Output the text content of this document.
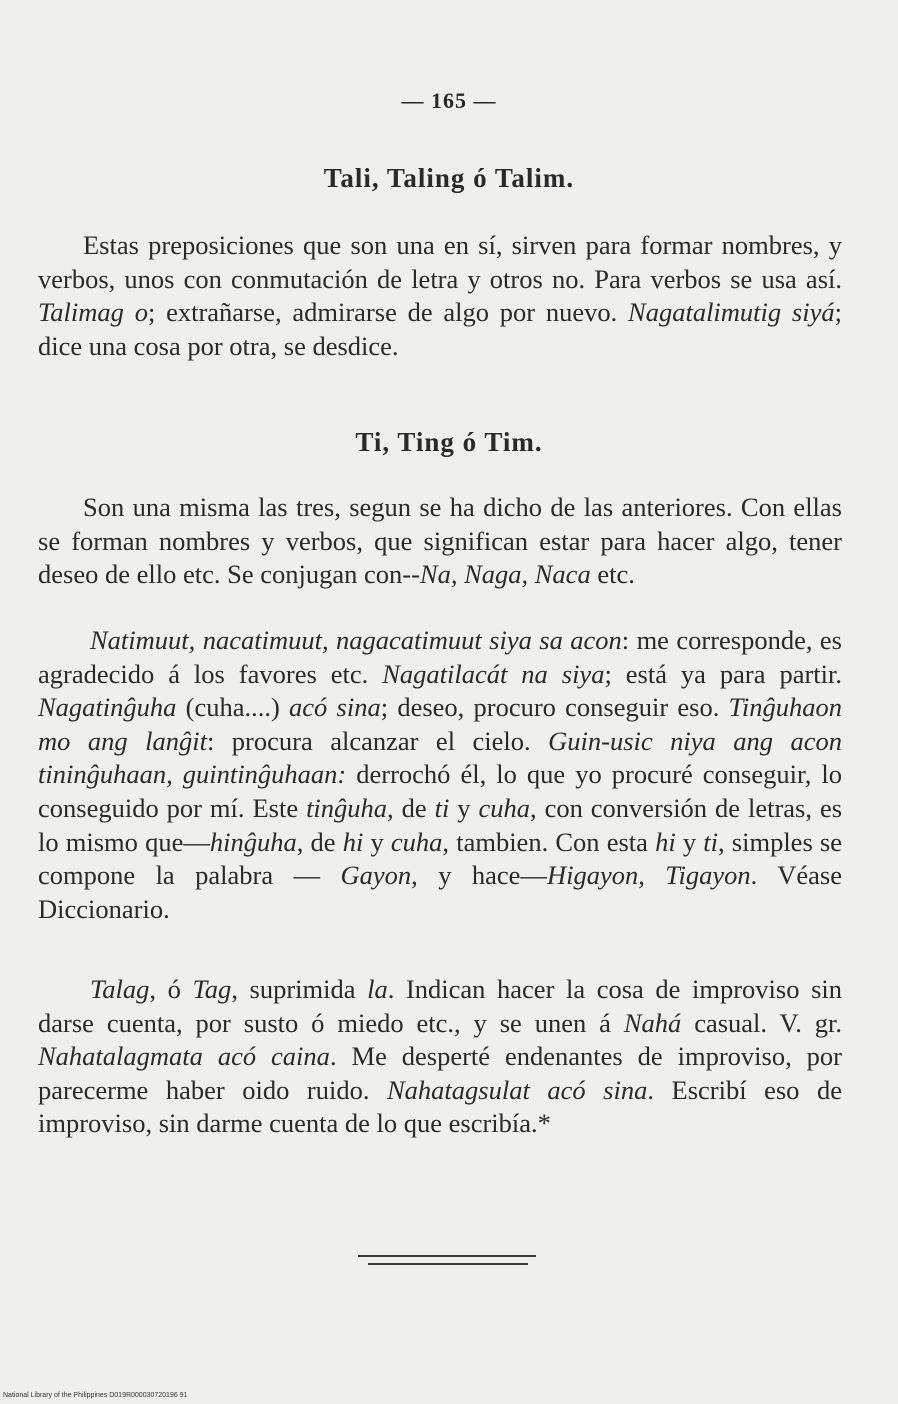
— 165 —
Tali, Taling ó Talim.

Estas preposiciones que son una en sí, sirven para formar nombres, y verbos, unos con conmutación de letra y otros no. Para verbos se usa así. Talimag o; extrañarse, admirarse de algo por nuevo. Nagatalimutig siyá; dice una cosa por otra, se desdice.

Ti, Ting ó Tim.

Son una misma las tres, segun se ha dicho de las anteriores. Con ellas se forman nombres y verbos, que significan estar para hacer algo, tener deseo de ello etc. Se conjugan con--Na, Naga, Naca etc.

Natimuut, nacatimuut, nagacatimuut siya sa acon: me corresponde, es agradecido á los favores etc. Nagatilacát na siya; está ya para partir. Nagatinĝuha (cuha....) acó sina; deseo, procuro conseguir eso. Tinĝuhaon mo ang lanĝit: procura alcanzar el cielo. Guin-usic niya ang acon tininĝuhaan, guintinĝuhaan: derrochó él, lo que yo procuré conseguir, lo conseguido por mí. Este tinĝuha, de ti y cuha, con conversión de letras, es lo mismo que—hinĝuha, de hi y cuha, tambien. Con esta hi y ti, simples se compone la palabra — Gayon, y hace—Higayon, Tigayon. Véase Diccionario.

Talag, ó Tag, suprimida la. Indican hacer la cosa de improviso sin darse cuenta, por susto ó miedo etc., y se unen á Nahá casual. V. gr. Nahatalagmata acó caina. Me desperté endenantes de improviso, por parecerme haber oido ruido. Nahatagsulat acó sina. Escribí eso de improviso, sin darme cuenta de lo que escribía.*

National Library of the Philippines D019R000030720196 91
